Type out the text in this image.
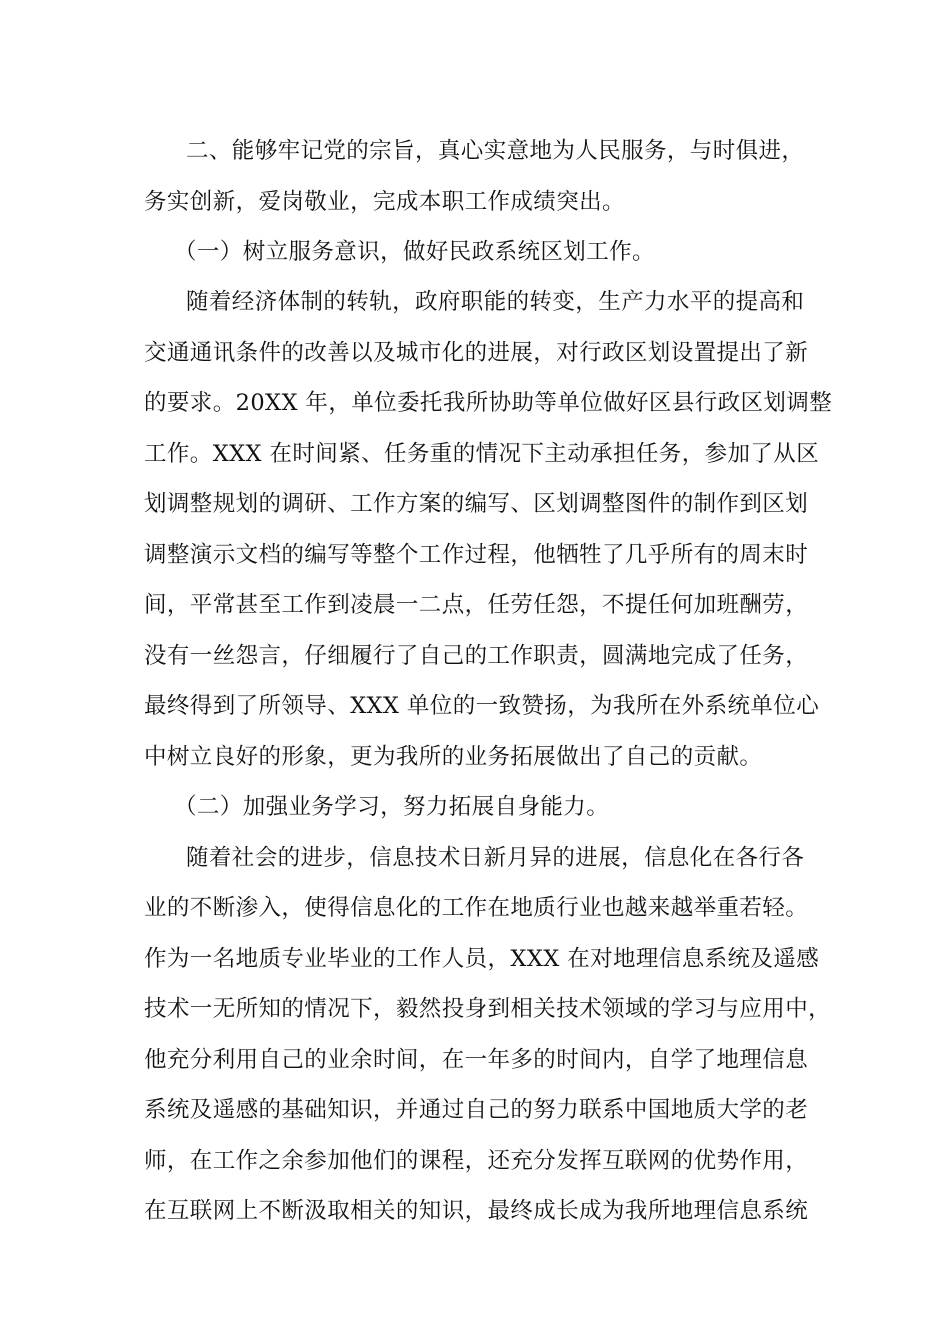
二、能够牢记党的宗旨，真心实意地为人民服务，与时俱进，
务实创新，爱岗敬业，完成本职工作成绩突出。
（一）树立服务意识，做好民政系统区划工作。
随着经济体制的转轨，政府职能的转变，生产力水平的提高和
交通通讯条件的改善以及城市化的进展，对行政区划设置提出了新
的要求。20XX 年，单位委托我所协助等单位做好区县行政区划调整
工作。XXX 在时间紧、任务重的情况下主动承担任务，参加了从区
划调整规划的调研、工作方案的编写、区划调整图件的制作到区划
调整演示文档的编写等整个工作过程，他牺牲了几乎所有的周末时
间，平常甚至工作到凌晨一二点，任劳任怨，不提任何加班酬劳，
没有一丝怨言，仔细履行了自己的工作职责，圆满地完成了任务，
最终得到了所领导、XXX 单位的一致赞扬，为我所在外系统单位心
中树立良好的形象，更为我所的业务拓展做出了自己的贡献。
（二）加强业务学习，努力拓展自身能力。
随着社会的进步，信息技术日新月异的进展，信息化在各行各
业的不断渗入，使得信息化的工作在地质行业也越来越举重若轻。
作为一名地质专业毕业的工作人员，XXX 在对地理信息系统及遥感
技术一无所知的情况下，毅然投身到相关技术领域的学习与应用中，
他充分利用自己的业余时间，在一年多的时间内，自学了地理信息
系统及遥感的基础知识，并通过自己的努力联系中国地质大学的老
师，在工作之余参加他们的课程，还充分发挥互联网的优势作用，
在互联网上不断汲取相关的知识，最终成长成为我所地理信息系统
